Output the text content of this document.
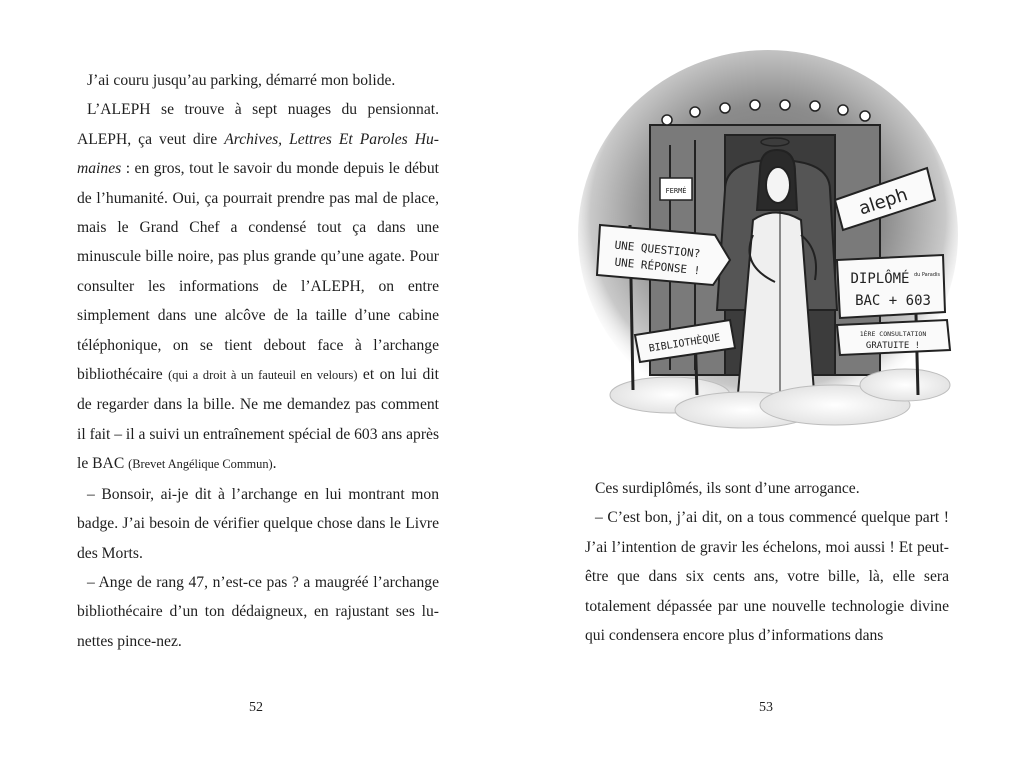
J’ai couru jusqu’au parking, démarré mon bolide.

L’ALEPH se trouve à sept nuages du pensionnat. ALEPH, ça veut dire Archives, Lettres Et Paroles Humaines : en gros, tout le savoir du monde depuis le début de l’humanité. Oui, ça pourrait prendre pas mal de place, mais le Grand Chef a condensé tout ça dans une minuscule bille noire, pas plus grande qu’une agate. Pour consulter les informations de l’ALEPH, on entre simplement dans une alcôve de la taille d’une cabine téléphonique, on se tient debout face à l’archange bibliothécaire (qui a droit à un fauteuil en velours) et on lui dit de regarder dans la bille. Ne me demandez pas comment il fait – il a suivi un entraînement spécial de 603 ans après le BAC (Brevet Angélique Commun).

– Bonsoir, ai-je dit à l’archange en lui montrant mon badge. J’ai besoin de vérifier quelque chose dans le Livre des Morts.

– Ange de rang 47, n’est-ce pas ? a maugréé l’archange bibliothécaire d’un ton dédaigneux, en rajustant ses lunettes pince-nez.

52
FERMÉ
UNE QUESTION?
UNE RÉPONSE !
BIBLIOTHÈQUE
aleph
DIPLÔMÉ du Paradis
BAC + 603
1ÈRE CONSULTATION
GRATUITE !

Ces surdiplômés, ils sont d’une arrogance.

– C’est bon, j’ai dit, on a tous commencé quelque part ! J’ai l’intention de gravir les échelons, moi aussi ! Et peut-être que dans six cents ans, votre bille, là, elle sera totalement dépassée par une nouvelle technologie divine qui condensera encore plus d’informations dans

53
